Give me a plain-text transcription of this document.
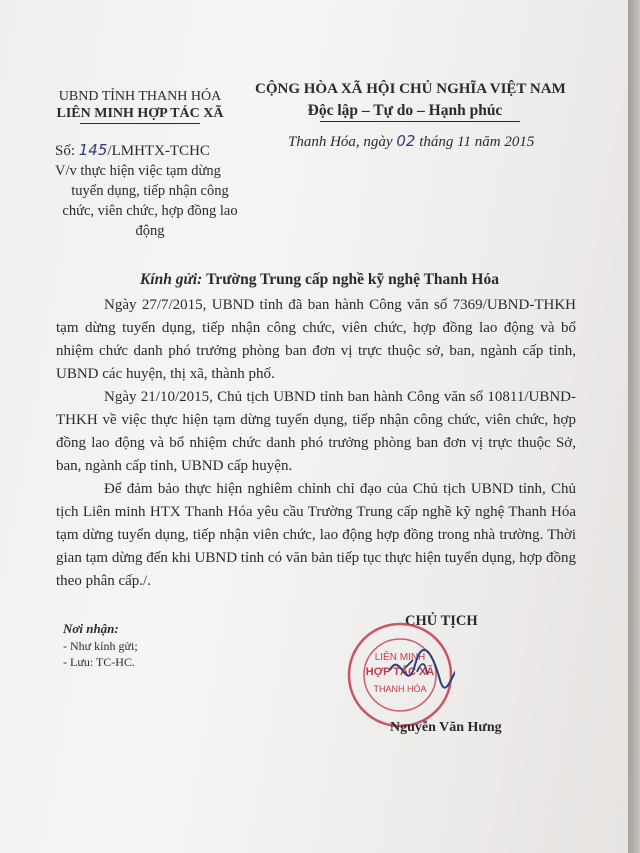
UBND TỈNH THANH HÓA
LIÊN MINH HỢP TÁC XÃ
Số: 145/LMHTX-TCHC
V/v thực hiện việc tạm dừng
tuyển dụng, tiếp nhận công
chức, viên chức, hợp đồng lao
động
CỘNG HÒA XÃ HỘI CHỦ NGHĨA VIỆT NAM
Độc lập – Tự do – Hạnh phúc
Thanh Hóa, ngày 02 tháng 11 năm 2015
Kính gửi: Trường Trung cấp nghề kỹ nghệ Thanh Hóa

Ngày 27/7/2015, UBND tỉnh đã ban hành Công văn số 7369/UBND-THKH tạm dừng tuyển dụng, tiếp nhận công chức, viên chức, hợp đồng lao động và bổ nhiệm chức danh phó trưởng phòng ban đơn vị trực thuộc sở, ban, ngành cấp tỉnh, UBND các huyện, thị xã, thành phố.

Ngày 21/10/2015, Chủ tịch UBND tỉnh ban hành Công văn số 10811/UBND-THKH về việc thực hiện tạm dừng tuyển dụng, tiếp nhận công chức, viên chức, hợp đồng lao động và bổ nhiệm chức danh phó trưởng phòng ban đơn vị trực thuộc Sở, ban, ngành cấp tỉnh, UBND cấp huyện.

Để đảm bảo thực hiện nghiêm chỉnh chỉ đạo của Chủ tịch UBND tỉnh, Chủ tịch Liên minh HTX Thanh Hóa yêu cầu Trường Trung cấp nghề kỹ nghệ Thanh Hóa tạm dừng tuyển dụng, tiếp nhận viên chức, lao động hợp đồng trong nhà trường. Thời gian tạm dừng đến khi UBND tỉnh có văn bản tiếp tục thực hiện tuyển dụng, hợp đồng theo phân cấp./.

Nơi nhận:
- Như kính gửi;
- Lưu: TC-HC.
CHỦ TỊCH
LIÊN MINH
HỢP TÁC XÃ
THANH HÓA
Nguyễn Văn Hưng
